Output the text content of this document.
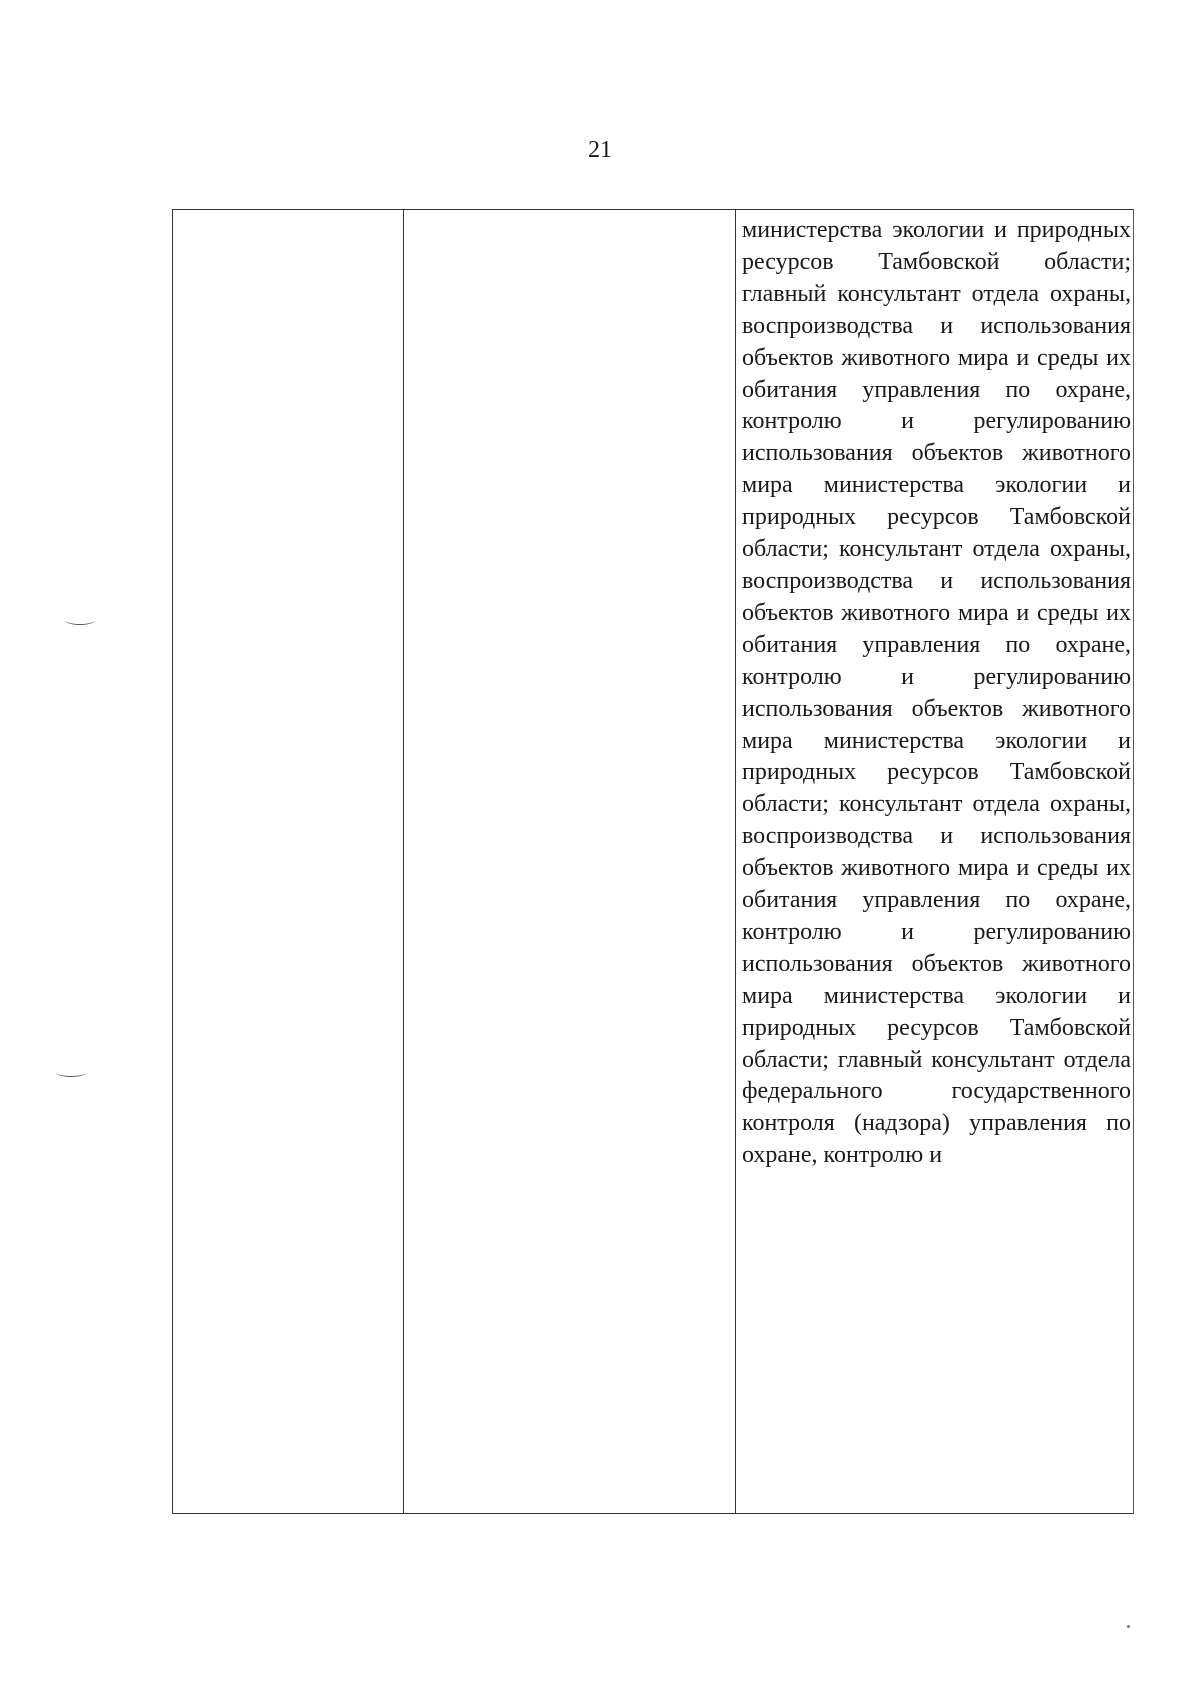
21
министерства экологии и природных ресурсов Тамбовской области; главный консультант отдела охраны, воспроизводства и использования объектов животного мира и среды их обитания управления по охране, контролю и регулированию использования объектов животного мира министерства экологии и природных ресурсов Тамбовской области; консультант отдела охраны, воспроизводства и использования объектов животного мира и среды их обитания управления по охране, контролю и регулированию использования объектов животного мира министерства экологии и природных ресурсов Тамбовской области; консультант отдела охраны, воспроизводства и использования объектов животного мира и среды их обитания управления по охране, контролю и регулированию использования объектов животного мира министерства экологии и природных ресурсов Тамбовской области; главный консультант отдела федерального государственного контроля (надзора) управления по охране, контролю и
